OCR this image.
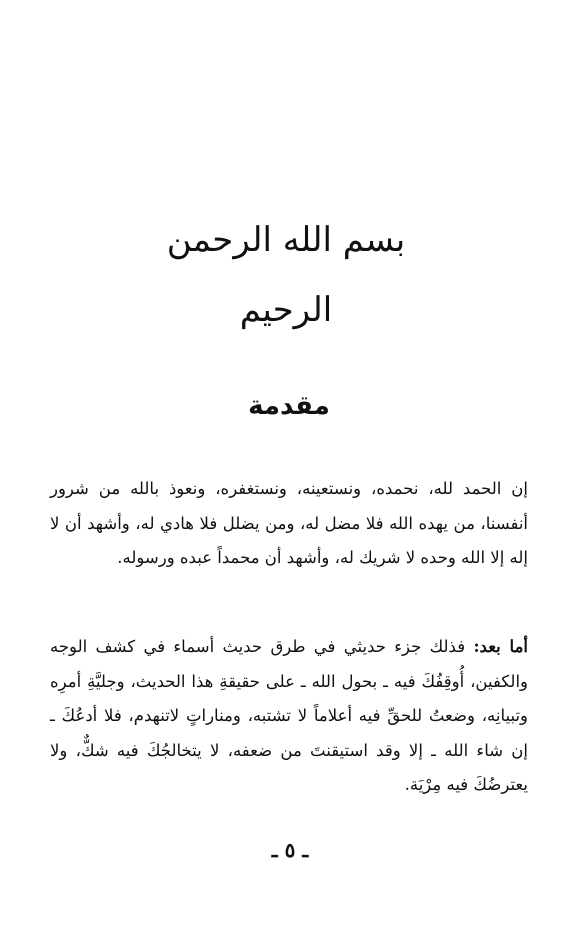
بسم الله الرحمن الرحيم
مقدمة
إن الحمد لله، نحمده، ونستعينه، ونستغفره، ونعوذ بالله من شرور أنفسنا، من يهده الله فلا مضل له، ومن يضلل فلا هادي له، وأشهد أن لا إله إلا الله وحده لا شريك له، وأشهد أن محمداً عبده ورسوله.
أما بعد: فذلك جزء حديثي في طرق حديث أسماء في كشف الوجه والكفين، أُوقِفُكَ فيه ـ بحول الله ـ على حقيقةِ هذا الحديث، وجليَّةِ أمرِه وتبيانِه، وضعتُ للحقِّ فيه أعلاماً لا تشتبه، ومناراتٍ لاتنهدم، فلا أدعُكَ ـ إن شاء الله ـ إلا وقد استيقنتَ من ضعفه، لا يتخالجُكَ فيه شكٌّ، ولا يعترضُكَ فيه مِرْيَة.
ـ ٥ ـ
